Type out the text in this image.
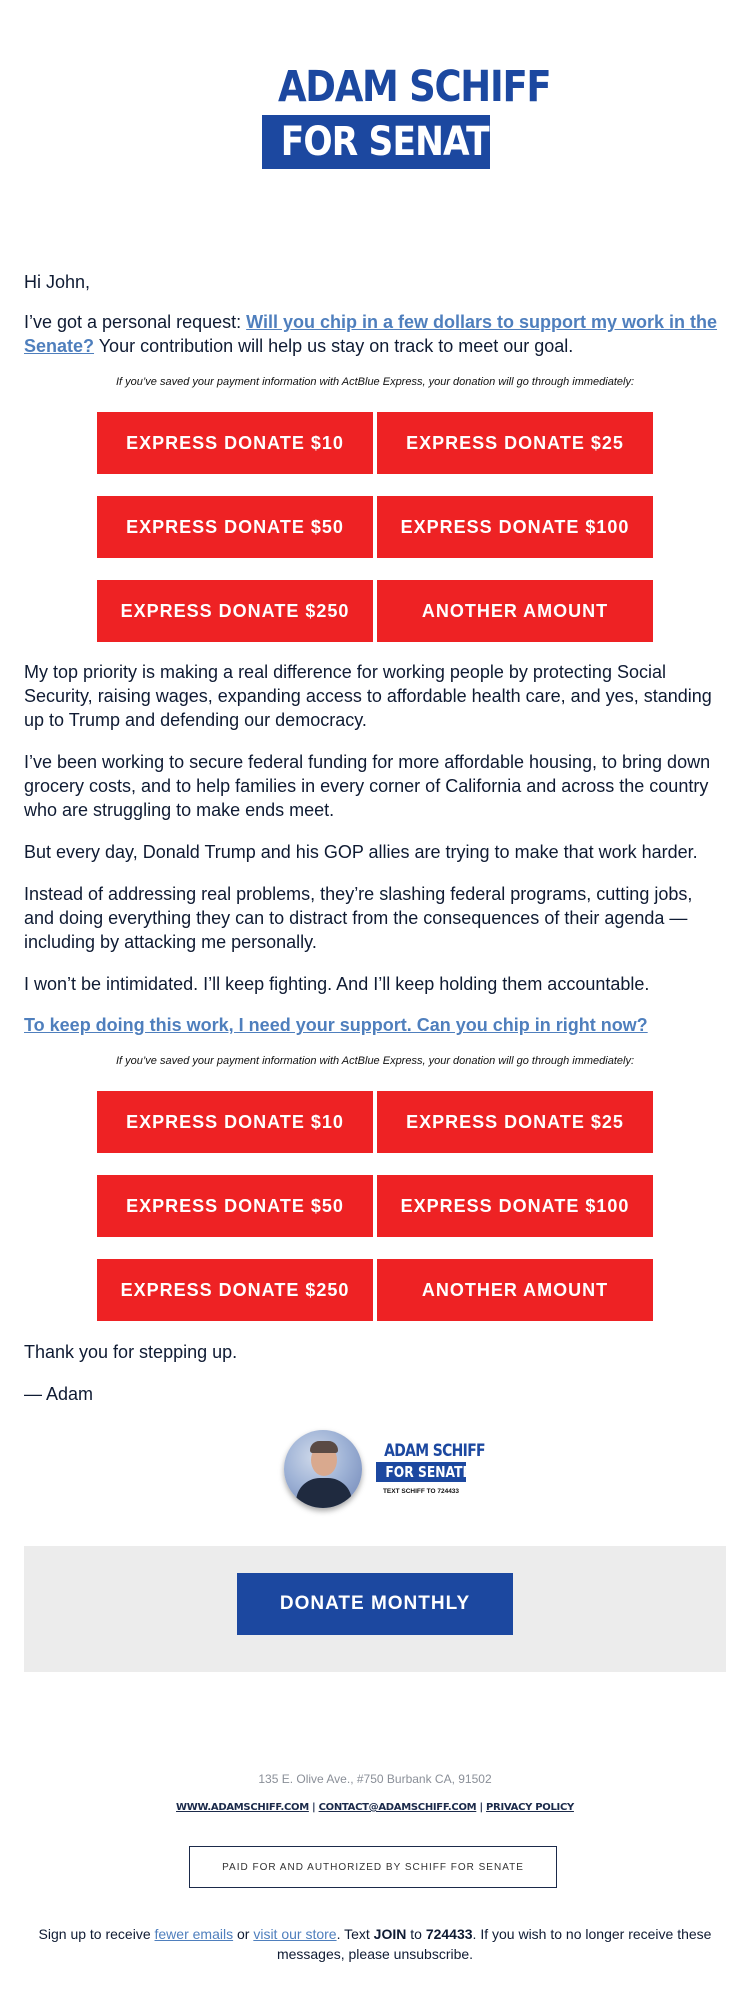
ADAM SCHIFF
FOR SENATE

Hi John,

I’ve got a personal request: Will you chip in a few dollars to support my work in the Senate? Your contribution will help us stay on track to meet our goal.

If you’ve saved your payment information with ActBlue Express, your donation will go through immediately:
EXPRESS DONATE $10	EXPRESS DONATE $25
EXPRESS DONATE $50	EXPRESS DONATE $100
EXPRESS DONATE $250	ANOTHER AMOUNT

My top priority is making a real difference for working people by protecting Social Security, raising wages, expanding access to affordable health care, and yes, standing up to Trump and defending our democracy.

I’ve been working to secure federal funding for more affordable housing, to bring down grocery costs, and to help families in every corner of California and across the country who are struggling to make ends meet.

But every day, Donald Trump and his GOP allies are trying to make that work harder.

Instead of addressing real problems, they’re slashing federal programs, cutting jobs, and doing everything they can to distract from the consequences of their agenda — including by attacking me personally.

I won’t be intimidated. I’ll keep fighting. And I’ll keep holding them accountable.

To keep doing this work, I need your support. Can you chip in right now?

If you’ve saved your payment information with ActBlue Express, your donation will go through immediately:
EXPRESS DONATE $10	EXPRESS DONATE $25
EXPRESS DONATE $50	EXPRESS DONATE $100
EXPRESS DONATE $250	ANOTHER AMOUNT

Thank you for stepping up.

— Adam

ADAM SCHIFF
FOR SENATE
TEXT SCHIFF TO 724433
DONATE MONTHLY
135 E. Olive Ave., #750 Burbank CA, 91502
WWW.ADAMSCHIFF.COM | CONTACT@ADAMSCHIFF.COM | PRIVACY POLICY
PAID FOR AND AUTHORIZED BY SCHIFF FOR SENATE
Sign up to receive fewer emails or visit our store. Text JOIN to 724433. If you wish to no longer receive these messages, please unsubscribe.
